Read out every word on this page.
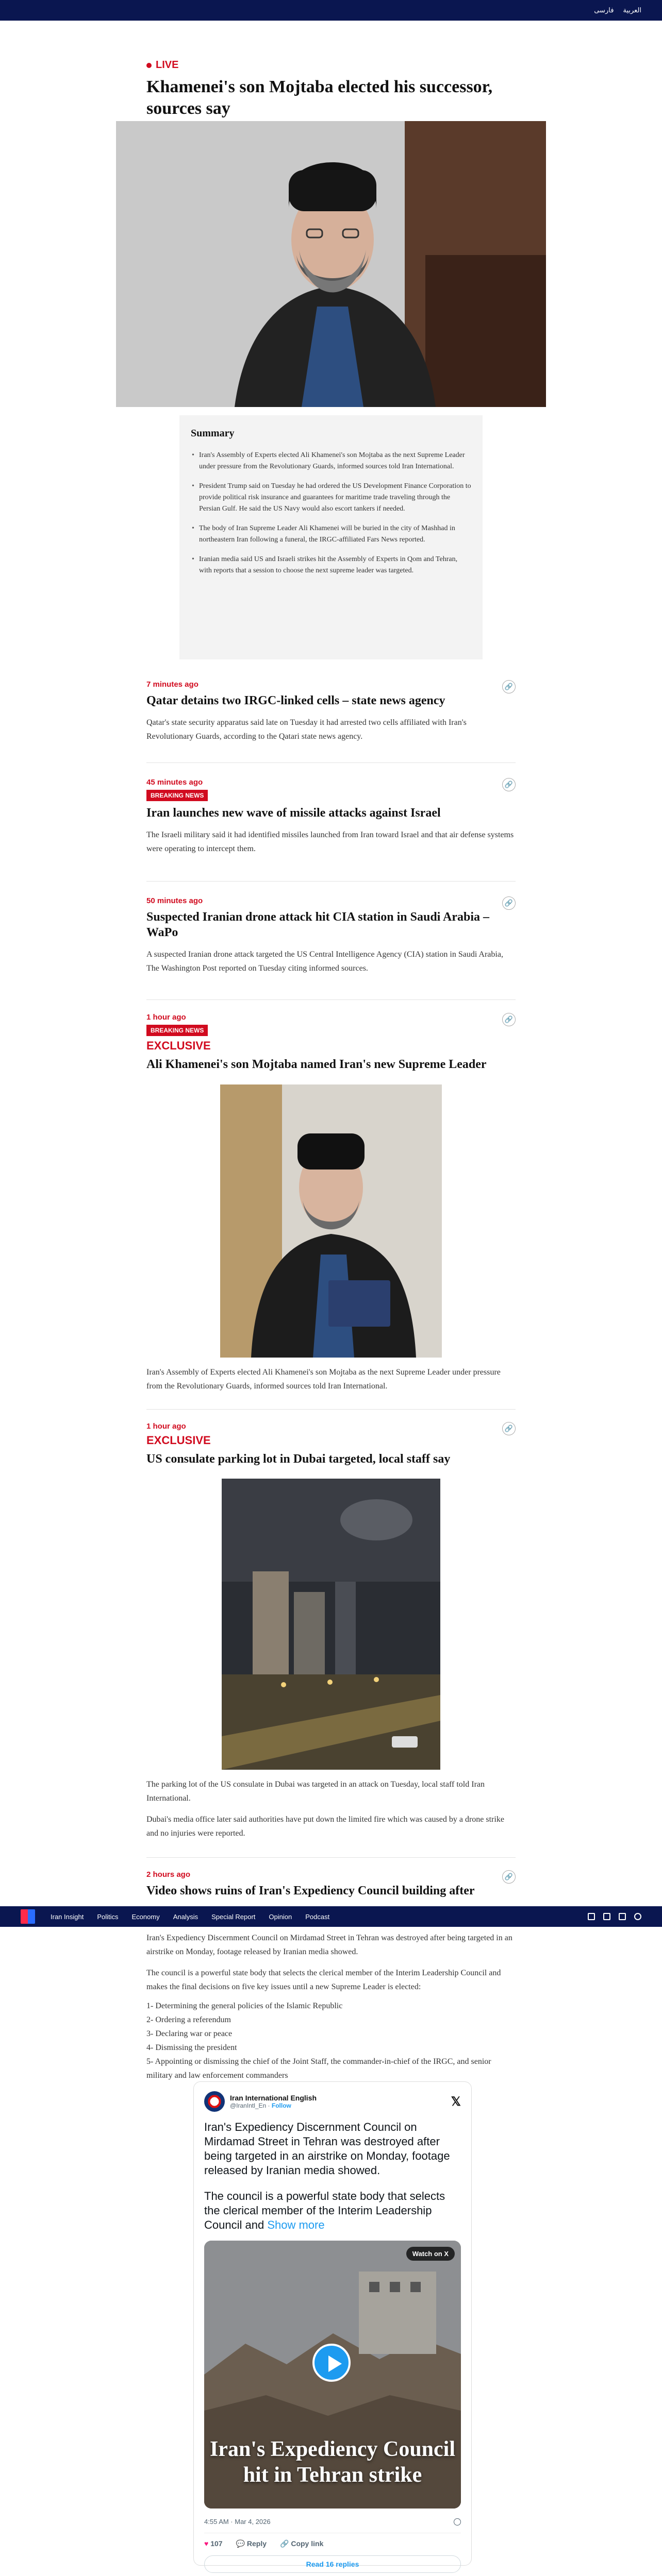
فارسی العربية
LIVE
Khamenei's son Mojtaba elected his successor, sources say
Summary
• Iran's Assembly of Experts elected Ali Khamenei's son Mojtaba as the next Supreme Leader under pressure from the Revolutionary Guards, informed sources told Iran International.
• President Trump said on Tuesday he had ordered the US Development Finance Corporation to provide political risk insurance and guarantees for maritime trade traveling through the Persian Gulf. He said the US Navy would also escort tankers if needed.
• The body of Iran Supreme Leader Ali Khamenei will be buried in the city of Mashhad in northeastern Iran following a funeral, the IRGC-affiliated Fars News reported.
• Iranian media said US and Israeli strikes hit the Assembly of Experts in Qom and Tehran, with reports that a session to choose the next supreme leader was targeted.
7 minutes ago	🔗
Qatar detains two IRGC-linked cells – state news agency
Qatar's state security apparatus said late on Tuesday it had arrested two cells affiliated with Iran's Revolutionary Guards, according to the Qatari state news agency.
45 minutes ago	🔗
BREAKING NEWS
Iran launches new wave of missile attacks against Israel
The Israeli military said it had identified missiles launched from Iran toward Israel and that air defense systems were operating to intercept them.
50 minutes ago	🔗
Suspected Iranian drone attack hit CIA station in Saudi Arabia – WaPo
A suspected Iranian drone attack targeted the US Central Intelligence Agency (CIA) station in Saudi Arabia, The Washington Post reported on Tuesday citing informed sources.
1 hour ago	🔗
BREAKING NEWS
EXCLUSIVE
Ali Khamenei's son Mojtaba named Iran's new Supreme Leader
Iran's Assembly of Experts elected Ali Khamenei's son Mojtaba as the next Supreme Leader under pressure from the Revolutionary Guards, informed sources told Iran International.
1 hour ago	🔗
EXCLUSIVE
US consulate parking lot in Dubai targeted, local staff say
The parking lot of the US consulate in Dubai was targeted in an attack on Tuesday, local staff told Iran International.
Dubai's media office later said authorities have put down the limited fire which was caused by a drone strike and no injuries were reported.
2 hours ago	🔗
Video shows ruins of Iran's Expediency Council building after
Iran Insight Politics Economy Analysis Special Report Opinion Podcast
Iran's Expediency Discernment Council on Mirdamad Street in Tehran was destroyed after being targeted in an airstrike on Monday, footage released by Iranian media showed.
The council is a powerful state body that selects the clerical member of the Interim Leadership Council and makes the final decisions on five key issues until a new Supreme Leader is elected:
1- Determining the general policies of the Islamic Republic
2- Ordering a referendum
3- Declaring war or peace
4- Dismissing the president
5- Appointing or dismissing the chief of the Joint Staff, the commander-in-chief of the IRGC, and senior military and law enforcement commanders
Iran International English
@IranIntl_En · Follow	𝕏
Iran's Expediency Discernment Council on Mirdamad Street in Tehran was destroyed after being targeted in an airstrike on Monday, footage released by Iranian media showed.
The council is a powerful state body that selects the clerical member of the Interim Leadership Council and Show more
Watch on X
Iran's Expediency Council hit in Tehran strike
4:55 AM · Mar 4, 2026
♥ 107 💬 Reply 🔗 Copy link
Read 16 replies
